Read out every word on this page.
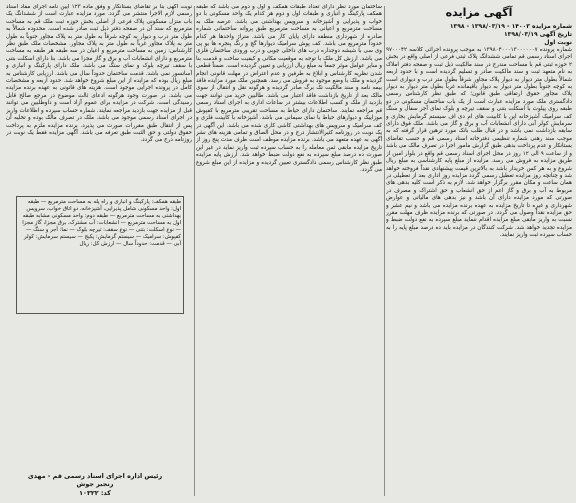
آگهی مزایده
شماره مزایده ۱۴۰۰۳ - ۱۳۹۸/۰۳/۱۹ - ۱۳۹۸
تاریخ آگهی ۱۳۹۸/۰۳/۱۹
نوبت اول
شماره پرونده ۱۳۹۸۰۴۰۰۰۱۳۰۰۰۰۰۰۷ به موجب پرونده اجرائی کلاسه ۹۷۰۰۰۴۲ اجرای اسناد رسمی قم تمامی ششدانگ پلاک ثبتی فرعی از اصلی واقع در بخش ۲ حوزه ثبتی قم با مساحت مندرج در سند مالکیت ذیل ثبت و صفحه دفتر املاک به نام متعهد ثبت و سند مالکیت صادر و تسلیم گردیده است و با حدود اربعه شمالاً بطول متر دیوار به دیوار پلاک مجاور شرقاً بطول متر درب و دیواری است به کوچه جنوباً بطول متر دیوار به دیوار باقیمانده غرباً بطول متر دیوار به دیوار پلاک مجاور حقوق ارتفاقی طبق قانون؛ که طبق نظر کارشناس رسمی دادگستری ملک مورد مزایده عبارت است از یک باب ساختمان مسکونی در دو طبقه روی پیلوت با اسکلت بتنی و سقف تیرچه و بلوک نمای آجر سفال و سنگ کف سرامیک آشپزخانه اپن با کابینت های ام دی اف سیستم گرمایش بخاری و سرمایش کولر آبی دارای انشعابات آب و برق و گاز می باشد. ملک فوق دارای سابقه بازداشت نمی باشد و در قبال طلب بانک مورد ترهین قرار گرفته که به موجب سند رهنی شماره تنظیمی دفترخانه اسناد رسمی قم و حسب تقاضای بستانکار و عدم پرداخت بدهی طبق گزارش مامور اجرا در تصرف مالک می باشد و از ساعت ۹ الی ۱۲ روز در محل اجرای اسناد رسمی قم واقع در بلوار امین از طریق مزایده به فروش می رسد. مزایده از مبلغ پایه کارشناسی به مبلغ ریال شروع و به هر کس خریدار باشد به بالاترین قیمت پیشنهادی نقداً فروخته خواهد شد و چنانچه روز مزایده تعطیل رسمی گردد مزایده روز اداری بعد از تعطیلی در همان ساعت و مکان مقرر برگزار خواهد شد. لازم به ذکر است کلیه بدهی های مربوط به آب و برق و گاز اعم از حق انشعاب و حق اشتراک و مصرف در صورتی که مورد مزایده دارای آن باشد و نیز بدهی های مالیاتی و عوارض شهرداری و غیره تا تاریخ مزایده به عهده برنده مزایده می باشد و نیم عشر و حق مزایده نقداً وصول می گردد. در صورتی که برنده مزایده ظرف مهلت مقرر نسبت به واریز مابقی مبلغ مزایده اقدام ننماید مبلغ سپرده به نفع دولت ضبط و مزایده تجدید خواهد شد. شرکت کنندگان در مزایده باید ده درصد مبلغ پایه را به حساب سپرده ثبت واریز نمایند.
ساختمان مورد نظر دارای تعداد طبقات همکف و اول و دوم می باشد که طبقه همکف پارکینگ و انباری و طبقات اول و دوم هر کدام یک واحد مسکونی با دو خواب و پذیرایی و آشپزخانه و سرویس بهداشتی می باشد. عرصه ملک به مساحت مترمربع و اعیانی به مساحت مترمربع طبق پروانه ساختمانی شماره صادره از شهرداری منطقه دارای پایان کار می باشد. متراژ واحدها هر کدام حدوداً مترمربع می باشد. کف پوش سرامیک دیوارها گچ و رنگ پنجره ها یو پی وی سی با شیشه دوجداره درب های داخلی چوبی و درب ورودی ساختمان فلزی می باشد. ارزش کل ملک با توجه به موقعیت مکانی و کیفیت ساخت و قدمت بنا و سایر عوامل موثر جمعاً به مبلغ ریال ارزیابی و تعیین گردیده است. ضمناً قطعی شدن نظریه کارشناس و ابلاغ به طرفین و عدم اعتراض در مهلت قانونی انجام گردیده و ملک با وضع موجود به فروش می رسد. همچنین ملک مورد مزایده فاقد بیمه نامه و سند مالکیت تک برگ صادر گردیده و هرگونه نقل و انتقال از سوی مالک بعد از تاریخ بازداشت فاقد اعتبار می باشد. طالبین خرید می توانند جهت بازدید از ملک و کسب اطلاعات بیشتر در ساعات اداری به اجرای اسناد رسمی قم مراجعه نمایند. ساختمان دارای حیاط به مساحت تقریبی مترمربع با کفپوش موزاییک و دیوارهای حیاط با نمای سیمانی می باشد. آشپزخانه با کابینت فلزی و کف سرامیک و سرویس های بهداشتی کاشی کاری شده می باشد. این آگهی در یک نوبت در روزنامه کثیرالانتشار درج و در محل الصاق و تمامی هزینه های نشر آگهی به عهده متعهد می باشد. برنده مزایده موظف است ظرف مدت پنج روز از تاریخ مزایده مابقی ثمن معامله را به حساب سپرده ثبت واریز نماید در غیر این صورت ده درصد مبلغ سپرده به نفع دولت ضبط خواهد شد. ارزش پایه مزایده طبق نظر کارشناس رسمی دادگستری تعیین گردیده و مزایده از این مبلغ شروع می گردد.
نوبت آگهی بنا بر تقاضای بستانکار و وفق ماده ۱۲۳ آیین نامه اجرای مفاد اسناد رسمی لازم الاجرا منتشر می گردد. مورد مزایده عبارت است از ششدانگ یک باب منزل مسکونی پلاک فرعی از اصلی بخش حوزه ثبت ملک قم به مساحت مترمربع که سند آن در صفحه دفتر ذیل ثبت صادر شده است. محدوده شمالاً به طول متر درب و دیوار به کوچه شرقاً به طول متر به پلاک مجاور جنوباً به طول متر به پلاک مجاور غرباً به طول متر به پلاک مجاور. مشخصات ملک طبق نظر کارشناس: زمین به مساحت مترمربع و اعیان در سه طبقه هر طبقه به مساحت مترمربع و دارای انشعابات آب و برق و گاز مجزا می باشد. بنا دارای اسکلت بتنی با سقف تیرچه بلوک و نمای سنگ می باشد. ملک دارای پارکینگ و انباری و آسانسور نمی باشد. قدمت ساختمان حدوداً سال می باشد. ارزیابی کارشناس به مبلغ ریال بوده که مزایده از این مبلغ شروع خواهد شد. حدود اربعه و مشخصات کامل در پرونده اجرایی موجود است. هزینه های قانونی به عهده برنده مزایده می باشد. در صورت وجود هرگونه ادعای ثالث موضوع در مرجع صالح قابل رسیدگی است. شرکت در مزایده برای عموم آزاد است و داوطلبین می توانند قبل از مزایده جهت بازدید مراجعه نمایند. شماره حساب سپرده و اطلاعات واریز در اجرای اسناد رسمی موجود می باشد. ملک در تصرف مالک بوده و تخلیه آن پس از انتقال طبق مقررات صورت می پذیرد. برنده مزایده ملزم به پرداخت حقوق دولتی و حق الثبت طبق تعرفه می باشد. آگهی مزایده فقط یک نوبت در روزنامه درج می گردد.
طبقه همکف: پارکینگ و انباری و راه پله به مساحت مترمربع — طبقه اول: واحد مسکونی شامل پذیرایی، آشپزخانه، دو اتاق خواب، سرویس بهداشتی به مساحت مترمربع — طبقه دوم: واحد مسکونی مشابه طبقه اول به مساحت مترمربع — انشعابات: آب مشترک، برق مجزا، گاز مجزا — نوع اسکلت: بتنی — نوع سقف: تیرچه بلوک — نما: آجر و سنگ — کفپوش: سرامیک — سیستم گرمایش: پکیج — سیستم سرمایش: کولر آبی — قدمت: حدوداً سال — ارزش کل: ریال
رئیس اداره اجرای اسناد رسمی قم - مهدی رنجبر جوش
کد: ۱۰۳۲۲
